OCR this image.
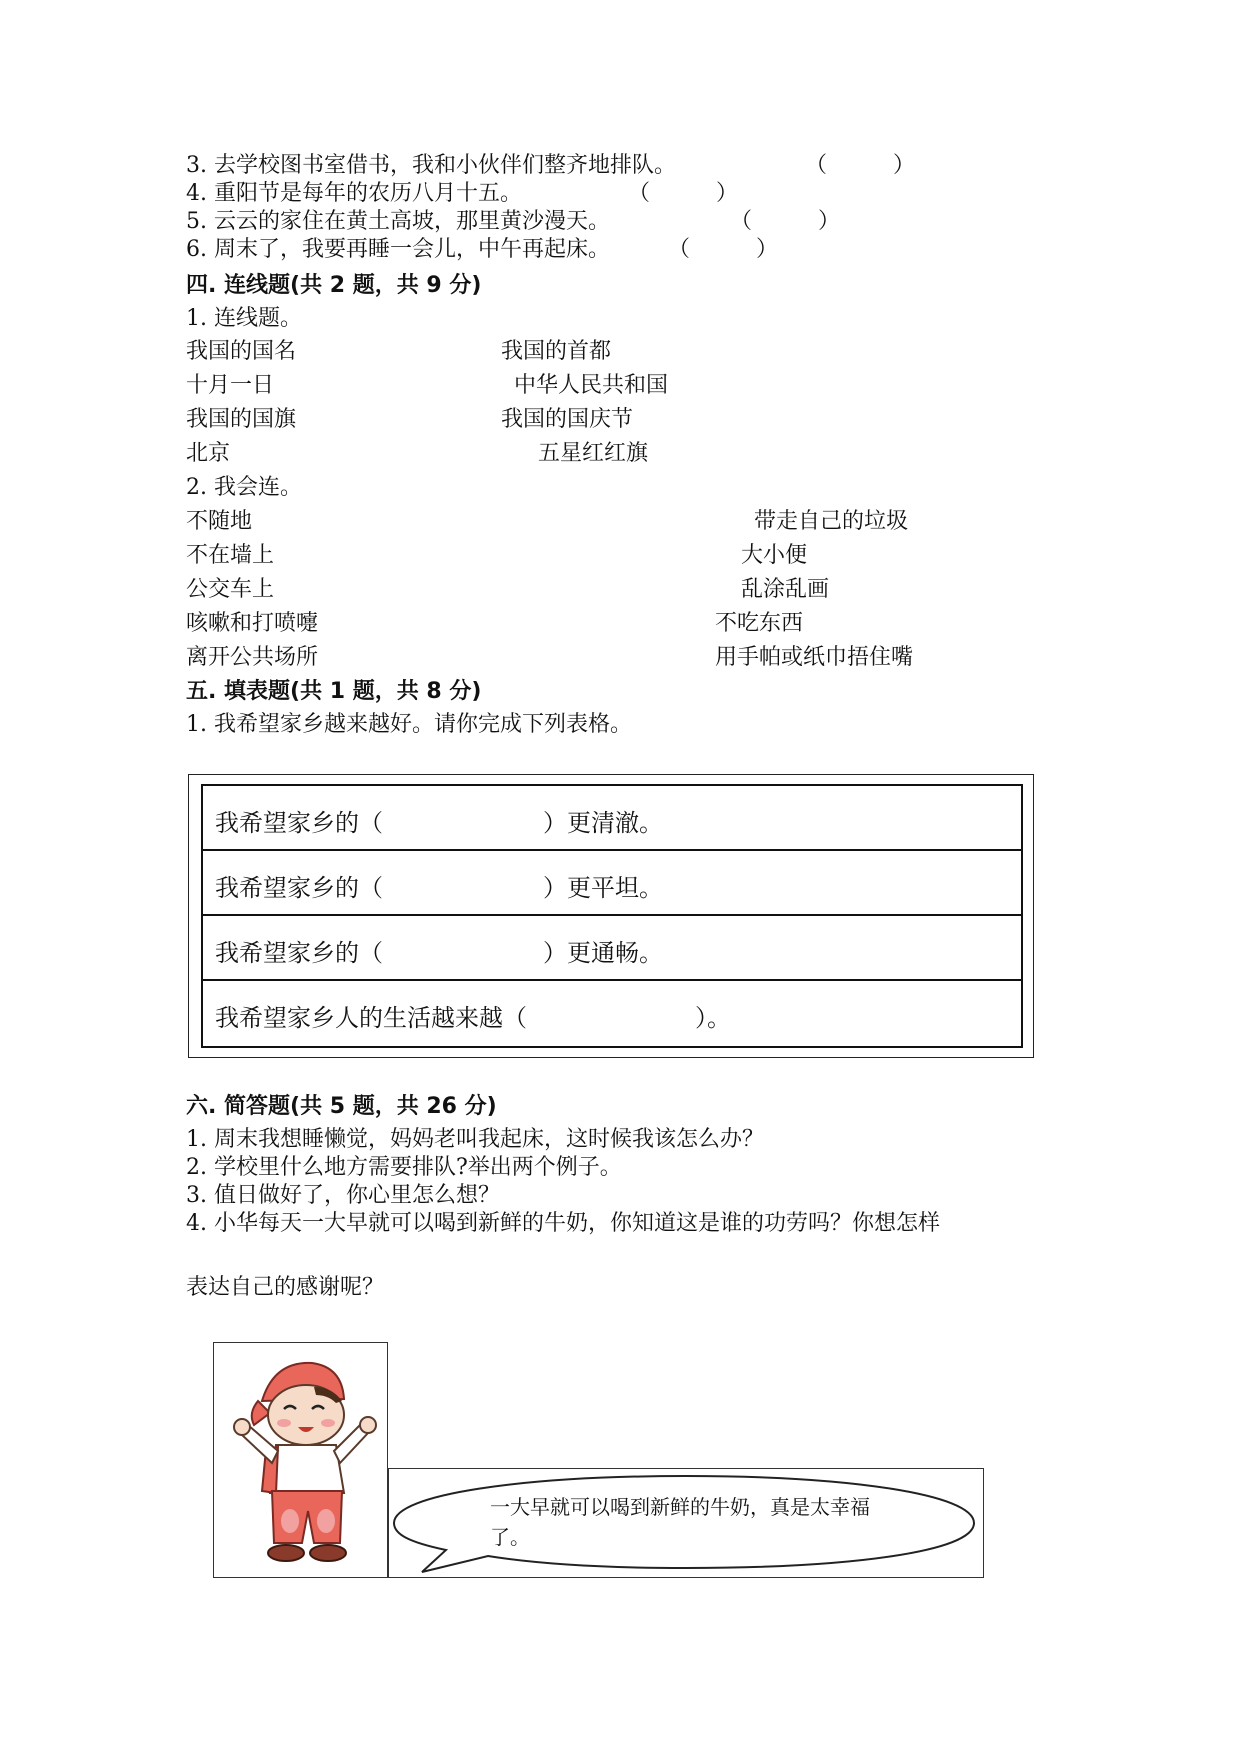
3. 去学校图书室借书，我和小伙伴们整齐地排队。	（　　　）
4. 重阳节是每年的农历八月十五。	（　　　）
5. 云云的家住在黄土高坡，那里黄沙漫天。	（　　　）
6. 周末了，我要再睡一会儿，中午再起床。	（　　　）
四. 连线题(共 2 题，共 9 分)
1. 连线题。
我国的国名	我国的首都
十月一日	中华人民共和国
我国的国旗	我国的国庆节
北京	五星红红旗
2. 我会连。
不随地	带走自己的垃圾
不在墙上	大小便
公交车上	乱涂乱画
咳嗽和打喷嚏	不吃东西
离开公共场所	用手帕或纸巾捂住嘴
五. 填表题(共 1 题，共 8 分)
1. 我希望家乡越来越好。请你完成下列表格。
我希望家乡的（	）更清澈。
我希望家乡的（	）更平坦。
我希望家乡的（	）更通畅。
我希望家乡人的生活越来越（	）。
六. 简答题(共 5 题，共 26 分)
1. 周末我想睡懒觉，妈妈老叫我起床，这时候我该怎么办？
2. 学校里什么地方需要排队?举出两个例子。
3. 值日做好了，你心里怎么想？
4. 小华每天一大早就可以喝到新鲜的牛奶，你知道这是谁的功劳吗？你想怎样
表达自己的感谢呢？
一大早就可以喝到新鲜的牛奶，真是太幸福了。
